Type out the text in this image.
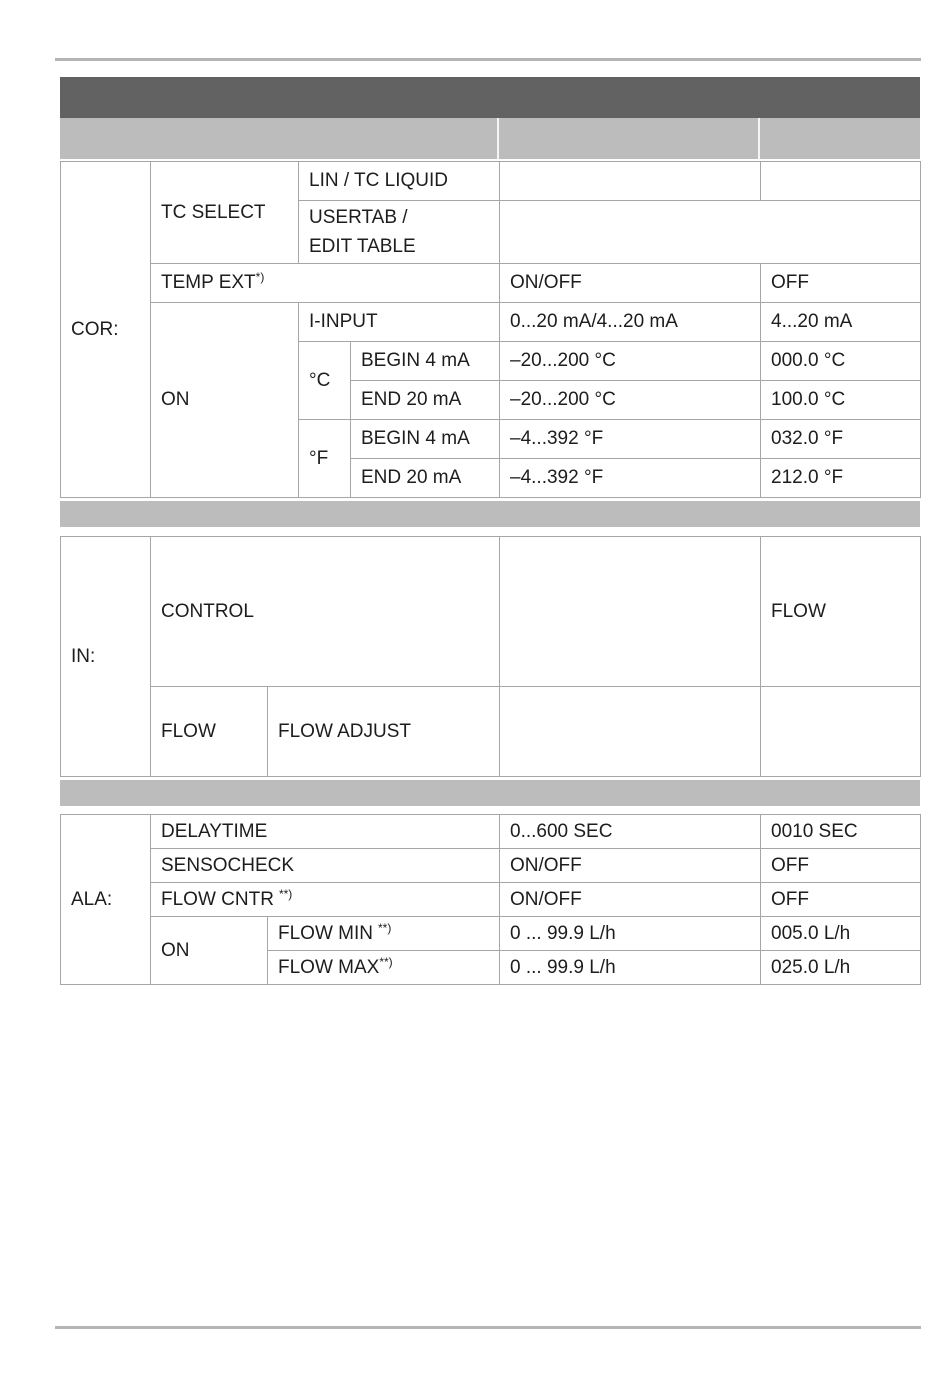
COR:	TC SELECT	LIN / TC LIQUID			

		USERTAB /
EDIT TABLE			

	TEMP EXT*)			ON/OFF	OFF
	ON	I-INPUT		0...20 mA/4...20 mA	4...20 mA
		°C	BEGIN 4 mA	–20...200 °C	000.0 °C
			END 20 mA	–20...200 °C	100.0 °C
		°F	BEGIN 4 mA	–4...392 °F	032.0 °F
			END 20 mA	–4...392 °F	212.0 °F
IN:	CONTROL			FLOW
	FLOW	FLOW ADJUST		
ALA:	DELAYTIME		0...600 SEC	0010 SEC
	SENSOCHECK		ON/OFF	OFF
	FLOW CNTR **)		ON/OFF	OFF
	ON	FLOW MIN **)	0 ... 99.9 L/h	005.0 L/h
		FLOW MAX**)	0 ... 99.9 L/h	025.0 L/h
